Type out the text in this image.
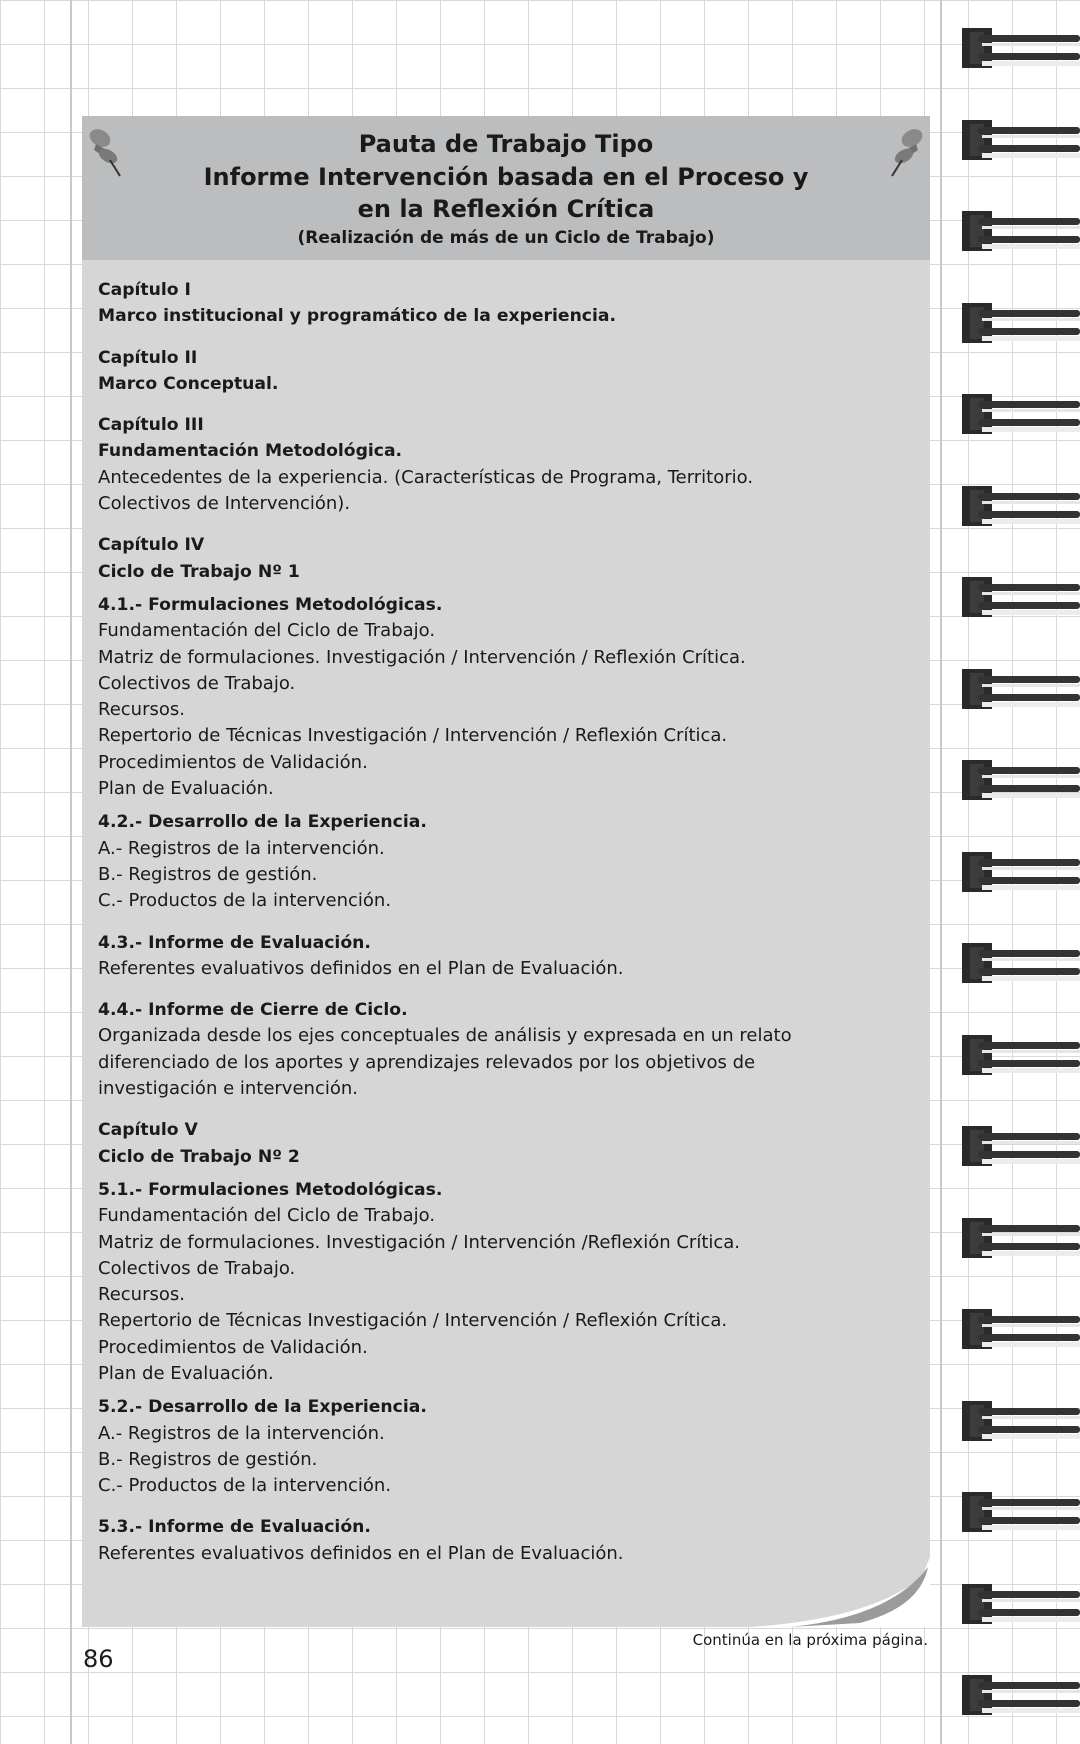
Pauta de Trabajo Tipo
Informe Intervención basada en el Proceso y
en la Reflexión Crítica
(Realización de más de un Ciclo de Trabajo)
Capítulo I
Marco institucional y programático de la experiencia.
Capítulo II
Marco Conceptual.
Capítulo III
Fundamentación Metodológica.
Antecedentes de la experiencia. (Características de Programa, Territorio.
Colectivos de Intervención).
Capítulo IV
Ciclo de Trabajo Nº 1
4.1.- Formulaciones Metodológicas.
Fundamentación del Ciclo de Trabajo.
Matriz de formulaciones. Investigación / Intervención / Reflexión Crítica.
Colectivos de Trabajo.
Recursos.
Repertorio de Técnicas Investigación / Intervención / Reflexión Crítica.
Procedimientos de Validación.
Plan de Evaluación.
4.2.- Desarrollo de la Experiencia.
A.- Registros de la intervención.
B.- Registros de gestión.
C.- Productos de la intervención.
4.3.- Informe de Evaluación.
Referentes evaluativos definidos en el Plan de Evaluación.
4.4.- Informe de Cierre de Ciclo.
Organizada desde los ejes conceptuales de análisis y expresada en un relato
diferenciado de los aportes y aprendizajes relevados por los objetivos de
investigación e intervención.
Capítulo V
Ciclo de Trabajo Nº 2
5.1.- Formulaciones Metodológicas.
Fundamentación del Ciclo de Trabajo.
Matriz de formulaciones. Investigación / Intervención /Reflexión Crítica.
Colectivos de Trabajo.
Recursos.
Repertorio de Técnicas Investigación / Intervención / Reflexión Crítica.
Procedimientos de Validación.
Plan de Evaluación.
5.2.- Desarrollo de la Experiencia.
A.- Registros de la intervención.
B.- Registros de gestión.
C.- Productos de la intervención.
5.3.- Informe de Evaluación.
Referentes evaluativos definidos en el Plan de Evaluación.
86
Continúa en la próxima página.
